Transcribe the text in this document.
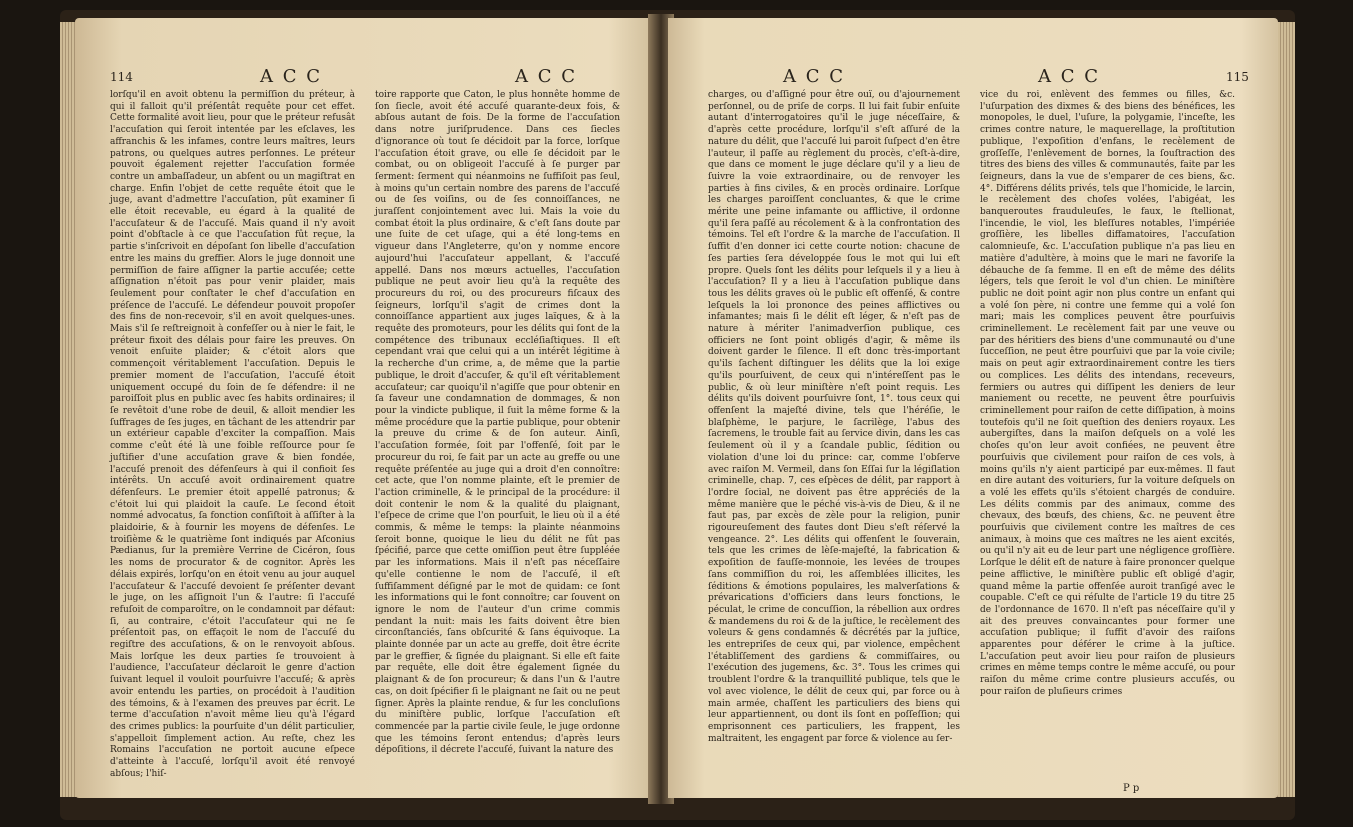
114	A C C	A C C
lorſqu'il en avoit obtenu la permiſſion du préteur, à qui il falloit qu'il préſentât requête pour cet effet. Cette formalité avoit lieu, pour que le préteur refusât l'accuſation qui ſeroit intentée par les eſclaves, les affranchis & les infames, contre leurs maîtres, leurs patrons, ou quelques autres perſonnes. Le préteur pouvoit également rejetter l'accuſation formée contre un ambaſſadeur, un abſent ou un magiſtrat en charge. Enfin l'objet de cette requête étoit que le juge, avant d'admettre l'accuſation, pût examiner ſi elle étoit recevable, eu égard à la qualité de l'accuſateur & de l'accuſé. Mais quand il n'y avoit point d'obſtacle à ce que l'accuſation fût reçue, la partie s'inſcrivoit en dépoſant ſon libelle d'accuſation entre les mains du greffier. Alors le juge donnoit une permiſſion de faire aſſigner la partie accuſée; cette aſſignation n'étoit pas pour venir plaider, mais ſeulement pour conſtater le chef d'accuſation en préſence de l'accuſé. Le défendeur pouvoit propoſer des fins de non-recevoir, s'il en avoit quelques-unes. Mais s'il ſe reſtreignoit à confeſſer ou à nier le fait, le préteur fixoit des délais pour faire les preuves. On venoit enſuite plaider; & c'étoit alors que commençoit véritablement l'accuſation. Depuis le premier moment de l'accuſation, l'accuſé étoit uniquement occupé du ſoin de ſe défendre: il ne paroiſſoit plus en public avec ſes habits ordinaires; il ſe revêtoit d'une robe de deuil, & alloit mendier les ſuffrages de ſes juges, en tâchant de les attendrir par un extérieur capable d'exciter la compaſſion. Mais comme c'eût été là une foible reſſource pour ſe juſtifier d'une accuſation grave & bien fondée, l'accuſé prenoit des défenſeurs à qui il confioit ſes intérêts. Un accuſé avoit ordinairement quatre défenſeurs. Le premier étoit appellé patronus; & c'étoit lui qui plaidoit la cauſe. Le ſecond étoit nommé advocatus, ſa fonction conſiſtoit à aſſiſter à la plaidoirie, & à fournir les moyens de défenſes. Le troiſième & le quatrième ſont indiqués par Aſconius Pædianus, ſur la première Verrine de Cicéron, ſous les noms de procurator & de cognitor. Après les délais expirés, lorſqu'on en étoit venu au jour auquel l'accuſateur & l'accuſé devoient ſe préſenter devant le juge, on les aſſignoit l'un & l'autre: ſi l'accuſé refuſoit de comparoître, on le condamnoit par défaut: ſi, au contraire, c'étoit l'accuſateur qui ne ſe préſentoit pas, on effaçoit le nom de l'accuſé du regiſtre des accuſations, & on le renvoyoit abſous. Mais lorſque les deux parties ſe trouvoient à l'audience, l'accuſateur déclaroit le genre d'action ſuivant lequel il vouloit pourſuivre l'accuſé; & après avoir entendu les parties, on procédoit à l'audition des témoins, & à l'examen des preuves par écrit. Le terme d'accuſation n'avoit même lieu qu'à l'égard des crimes publics: la pourſuite d'un délit particulier, s'appelloit ſimplement action. Au reſte, chez les Romains l'accuſation ne portoit aucune eſpece d'atteinte à l'accuſé, lorſqu'il avoit été renvoyé abſous; l'hiſ-
toire rapporte que Caton, le plus honnête homme de ſon ſiecle, avoit été accuſé quarante-deux fois, & abſous autant de fois. De la forme de l'accuſation dans notre juriſprudence. Dans ces ſiecles d'ignorance où tout ſe décidoit par la force, lorſque l'accuſation étoit grave, ou elle ſe décidoit par le combat, ou on obligeoit l'accuſé à ſe purger par ſerment: ſerment qui néanmoins ne ſuffiſoit pas ſeul, à moins qu'un certain nombre des parens de l'accuſé ou de ſes voiſins, ou de ſes connoiſſances, ne juraſſent conjointement avec lui. Mais la voie du combat étoit la plus ordinaire, & c'eſt ſans doute par une ſuite de cet uſage, qui a été long-tems en vigueur dans l'Angleterre, qu'on y nomme encore aujourd'hui l'accuſateur appellant, & l'accuſé appellé. Dans nos mœurs actuelles, l'accuſation publique ne peut avoir lieu qu'à la requête des procureurs du roi, ou des procureurs fiſcaux des ſeigneurs, lorſqu'il s'agit de crimes dont la connoiſſance appartient aux juges laïques, & à la requête des promoteurs, pour les délits qui ſont de la compétence des tribunaux eccléſiaſtiques. Il eſt cependant vrai que celui qui a un intérêt légitime à la recherche d'un crime, a, de même que la partie publique, le droit d'accuſer, & qu'il eſt véritablement accuſateur; car quoiqu'il n'agiſſe que pour obtenir en ſa faveur une condamnation de dommages, & non pour la vindicte publique, il ſuit la même forme & la même procédure que la partie publique, pour obtenir la preuve du crime & de ſon auteur. Ainſi, l'accuſation formée, ſoit par l'offenſé, ſoit par le procureur du roi, ſe fait par un acte au greffe ou une requête préſentée au juge qui a droit d'en connoître: cet acte, que l'on nomme plainte, eſt le premier de l'action criminelle, & le principal de la procédure: il doit contenir le nom & la qualité du plaignant, l'eſpece de crime que l'on pourſuit, le lieu où il a été commis, & même le temps: la plainte néanmoins ſeroit bonne, quoique le lieu du délit ne fût pas ſpécifié, parce que cette omiſſion peut être ſuppléée par les informations. Mais il n'eſt pas néceſſaire qu'elle contienne le nom de l'accuſé, il eſt ſuffiſamment déſigné par le mot de quidam: ce ſont les informations qui le font connoître; car ſouvent on ignore le nom de l'auteur d'un crime commis pendant la nuit: mais les faits doivent être bien circonſtanciés, ſans obſcurité & ſans équivoque. La plainte donnée par un acte au greffe, doit être écrite par le greffier, & ſignée du plaignant. Si elle eſt faite par requête, elle doit être également ſignée du plaignant & de ſon procureur; & dans l'un & l'autre cas, on doit ſpécifier ſi le plaignant ne ſait ou ne peut ſigner. Après la plainte rendue, & ſur les concluſions du miniſtère public, lorſque l'accuſation eſt commencée par la partie civile ſeule, le juge ordonne que les témoins ſeront entendus; d'après leurs dépoſitions, il décrete l'accuſé, ſuivant la nature des
A C C	A C C	115
charges, ou d'aſſigné pour être ouï, ou d'ajournement perſonnel, ou de priſe de corps. Il lui fait ſubir enſuite autant d'interrogatoires qu'il le juge néceſſaire, & d'après cette procédure, lorſqu'il s'eſt aſſuré de la nature du délit, que l'accuſé lui paroit ſuſpect d'en être l'auteur, il paſſe au règlement du procès, c'eſt-à-dire, que dans ce moment le juge déclare qu'il y a lieu de ſuivre la voie extraordinaire, ou de renvoyer les parties à fins civiles, & en procès ordinaire. Lorſque les charges paroiſſent concluantes, & que le crime mérite une peine infamante ou afflictive, il ordonne qu'il ſera paſſé au récolement & à la confrontation des témoins. Tel eſt l'ordre & la marche de l'accuſation. Il ſuffit d'en donner ici cette courte notion: chacune de ſes parties ſera développée ſous le mot qui lui eſt propre. Quels ſont les délits pour leſquels il y a lieu à l'accuſation? Il y a lieu à l'accuſation publique dans tous les délits graves où le public eſt offenſé, & contre leſquels la loi prononce des peines afflictives ou infamantes; mais ſi le délit eſt léger, & n'eſt pas de nature à mériter l'animadverſion publique, ces officiers ne ſont point obligés d'agir, & même ils doivent garder le ſilence. Il eſt donc très-important qu'ils ſachent diſtinguer les délits que la loi exige qu'ils pourſuivent, de ceux qui n'intéreſſent pas le public, & où leur miniſtère n'eſt point requis. Les délits qu'ils doivent pourſuivre ſont, 1°. tous ceux qui offenſent la majeſté divine, tels que l'héréſie, le blaſphème, le parjure, le ſacrilège, l'abus des ſacremens, le trouble fait au ſervice divin, dans les cas ſeulement où il y a ſcandale public, ſédition ou violation d'une loi du prince: car, comme l'obſerve avec raiſon M. Vermeil, dans ſon Eſſai ſur la légiſlation criminelle, chap. 7, ces eſpèces de délit, par rapport à l'ordre ſocial, ne doivent pas être appréciés de la même manière que le péché vis-à-vis de Dieu, & il ne faut pas, par excès de zèle pour la religion, punir rigoureuſement des fautes dont Dieu s'eſt réſervé la vengeance. 2°. Les délits qui offenſent le ſouverain, tels que les crimes de lèſe-majeſté, la fabrication & expoſition de fauſſe-monnoie, les levées de troupes ſans commiſſion du roi, les aſſemblées illicites, les ſéditions & émotions populaires, les malverſations & prévarications d'officiers dans leurs fonctions, le péculat, le crime de concuſſion, la rébellion aux ordres & mandemens du roi & de la juſtice, le recèlement des voleurs & gens condamnés & décrétés par la juſtice, les entrepriſes de ceux qui, par violence, empêchent l'établiſſement des gardiens & commiſſaires, ou l'exécution des jugemens, &c. 3°. Tous les crimes qui troublent l'ordre & la tranquillité publique, tels que le vol avec violence, le délit de ceux qui, par force ou à main armée, chaſſent les particuliers des biens qui leur appartiennent, ou dont ils ſont en poſſeſſion; qui emprisonnent ces particuliers, les frappent, les maltraitent, les engagent par force & violence au ſer-
vice du roi, enlèvent des femmes ou filles, &c. l'uſurpation des dixmes & des biens des bénéfices, les monopoles, le duel, l'uſure, la polygamie, l'inceſte, les crimes contre nature, le maquerellage, la proſtitution publique, l'expoſition d'enfans, le recèlement de groſſeſſe, l'enlèvement de bornes, la ſouſtraction des titres des biens des villes & communautés, faite par les ſeigneurs, dans la vue de s'emparer de ces biens, &c. 4°. Différens délits privés, tels que l'homicide, le larcin, le recèlement des choſes volées, l'abigéat, les banqueroutes frauduleuſes, le faux, le ſtellionat, l'incendie, le viol, les bleſſures notables, l'impériée groſſière, les libelles diffamatoires, l'accuſation calomnieuſe, &c. L'accuſation publique n'a pas lieu en matière d'adultère, à moins que le mari ne favoriſe la débauche de ſa femme. Il en eſt de même des délits légers, tels que ſeroit le vol d'un chien. Le miniſtère public ne doit point agir non plus contre un enfant qui a volé ſon père, ni contre une femme qui a volé ſon mari; mais les complices peuvent être pourſuivis criminellement. Le recèlement fait par une veuve ou par des héritiers des biens d'une communauté ou d'une ſucceſſion, ne peut être pourſuivi que par la voie civile; mais on peut agir extraordinairement contre les tiers ou complices. Les délits des intendans, receveurs, fermiers ou autres qui diſſipent les deniers de leur maniement ou recette, ne peuvent être pourſuivis criminellement pour raiſon de cette diſſipation, à moins toutefois qu'il ne ſoit queſtion des deniers royaux. Les aubergiſtes, dans la maiſon deſquels on a volé les choſes qu'on leur avoit confiées, ne peuvent être pourſuivis que civilement pour raiſon de ces vols, à moins qu'ils n'y aient participé par eux-mêmes. Il faut en dire autant des voituriers, ſur la voiture deſquels on a volé les effets qu'ils s'étoient chargés de conduire. Les délits commis par des animaux, comme des chevaux, des bœufs, des chiens, &c. ne peuvent être pourſuivis que civilement contre les maîtres de ces animaux, à moins que ces maîtres ne les aient excités, ou qu'il n'y ait eu de leur part une négligence groſſière. Lorſque le délit eſt de nature à faire prononcer quelque peine afflictive, le miniſtère public eſt obligé d'agir, quand même la partie offenſée auroit tranſigé avec le coupable. C'eſt ce qui réſulte de l'article 19 du titre 25 de l'ordonnance de 1670. Il n'eſt pas néceſſaire qu'il y ait des preuves convaincantes pour former une accuſation publique; il ſuffit d'avoir des raiſons apparentes pour déférer le crime à la juſtice. L'accuſation peut avoir lieu pour raiſon de plusieurs crimes en même temps contre le même accuſé, ou pour raiſon du même crime contre plusieurs accuſés, ou pour raiſon de pluſieurs crimes
P p
